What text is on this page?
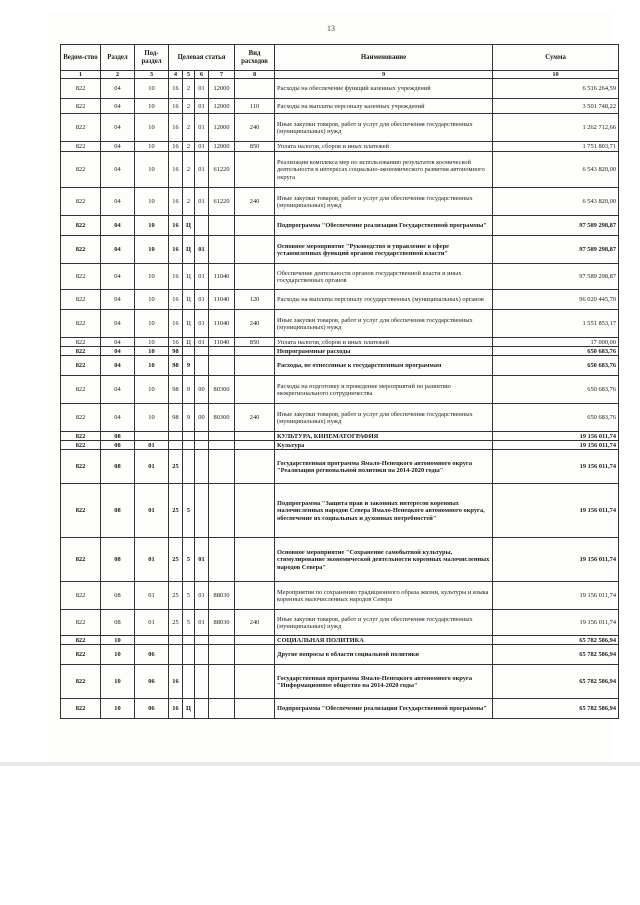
13
Ведом-ство	Раздел	Под-раздел	Целевая статья				Вид расходов	Наименование	Сумма
1	2	3	4	5	6	7	8	9	10
822	04	10	16	2	01	12000		Расходы на обеспечение функций казенных учреждений	6 516 264,59
822	04	10	16	2	01	12000	110	Расходы на выплаты персоналу казенных учреждений	3 501 748,22
822	04	10	16	2	01	12000	240	Иные закупки товаров, работ и услуг для обеспечения государственных (муниципальных) нужд	1 262 712,66
822	04	10	16	2	01	12000	850	Уплата налогов, сборов и иных платежей	1 751 803,71
822	04	10	16	2	01	61220		Реализация комплекса мер по использованию результатов космической деятельности в интересах социально-экономического развития автономного округа	6 543 820,00
822	04	10	16	2	01	61220	240	Иные закупки товаров, работ и услуг для обеспечения государственных (муниципальных) нужд	6 543 820,00
822	04	10	16	Ц				Подпрограмма "Обеспечение реализации Государственной программы"	97 589 298,87
822	04	10	16	Ц	01			Основное мероприятие "Руководство и управление в сфере установленных функций органов государственной власти"	97 589 298,87
822	04	10	16	Ц	01	11040		Обеспечение деятельности органов государственной власти и иных государственных органов	97 589 298,87
822	04	10	16	Ц	01	11040	120	Расходы на выплаты персоналу государственных (муниципальных) органов	96 020 445,70
822	04	10	16	Ц	01	11040	240	Иные закупки товаров, работ и услуг для обеспечения государственных (муниципальных) нужд	1 551 853,17
822	04	10	16	Ц	01	11040	850	Уплата налогов, сборов и иных платежей	17 000,00
822	04	10	98					Непрограммные расходы	650 683,76
822	04	10	98	9				Расходы, не отнесенные к государственным программам	650 683,76
822	04	10	98	9	00	80300		Расходы на подготовку и проведение мероприятий по развитию межрегионального сотрудничества	650 683,76
822	04	10	98	9	00	80300	240	Иные закупки товаров, работ и услуг для обеспечения государственных (муниципальных) нужд	650 683,76
822	08							КУЛЬТУРА, КИНЕМАТОГРАФИЯ	19 156 011,74
822	08	01						Культура	19 156 011,74
822	08	01	25					Государственная программа Ямало-Ненецкого автономного округа "Реализация региональной политики на 2014-2020 годы"	19 156 011,74
822	08	01	25	5				Подпрограмма "Защита прав и законных интересов коренных малочисленных народов Севера Ямало-Ненецкого автономного округа, обеспечение их социальных и духовных потребностей"	19 156 011,74
822	08	01	25	5	01			Основное мероприятие "Сохранение самобытной культуры, стимулирование экономической деятельности коренных малочисленных народов Севера"	19 156 011,74
822	08	01	25	5	01	88030		Мероприятия по сохранению традиционного образа жизни, культуры и языка коренных малочисленных народов Севера	19 156 011,74
822	08	01	25	5	01	88030	240	Иные закупки товаров, работ и услуг для обеспечения государственных (муниципальных) нужд	19 156 011,74
822	10							СОЦИАЛЬНАЯ ПОЛИТИКА	65 782 586,94
822	10	06						Другие вопросы в области социальной политики	65 782 586,94
822	10	06	16					Государственная программа Ямало-Ненецкого автономного округа "Информационное общество на 2014-2020 годы"	65 782 586,94
822	10	06	16	Ц				Подпрограмма "Обеспечение реализации Государственной программы"	65 782 586,94
